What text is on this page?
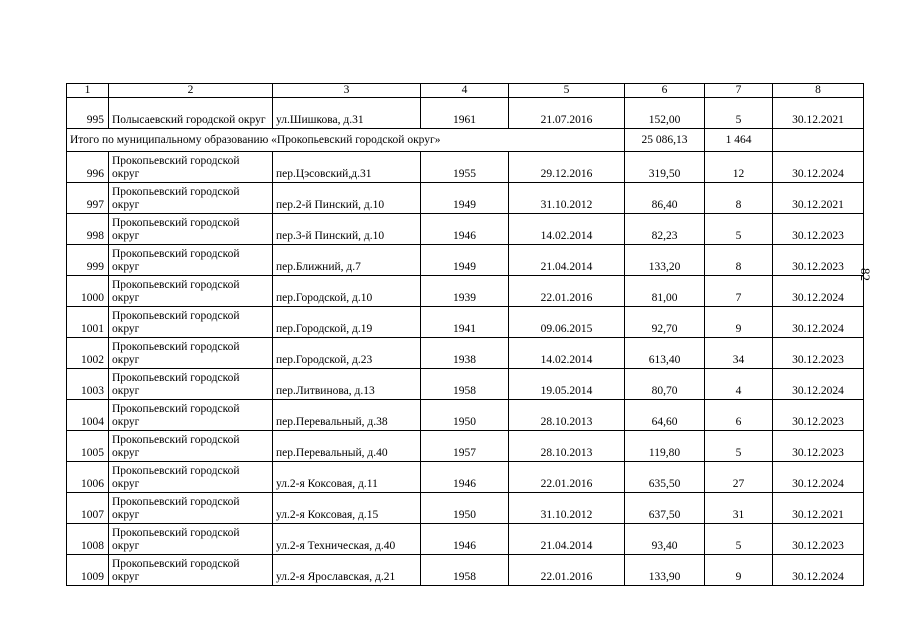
1	2	3	4	5	6	7	8
995	Полысаевский городской округ	ул.Шишкова, д.31	1961	21.07.2016	152,00	5	30.12.2021
Итого по муниципальному образованию «Прокопьевский городской округ»					25 086,13	1 464	
996	Прокопьевский городской округ	пер.Цэсовский,д.31	1955	29.12.2016	319,50	12	30.12.2024
997	Прокопьевский городской округ	пер.2-й Пинский, д.10	1949	31.10.2012	86,40	8	30.12.2021
998	Прокопьевский городской округ	пер.3-й Пинский, д.10	1946	14.02.2014	82,23	5	30.12.2023
999	Прокопьевский городской округ	пер.Ближний, д.7	1949	21.04.2014	133,20	8	30.12.2023
1000	Прокопьевский городской округ	пер.Городской, д.10	1939	22.01.2016	81,00	7	30.12.2024
1001	Прокопьевский городской округ	пер.Городской, д.19	1941	09.06.2015	92,70	9	30.12.2024
1002	Прокопьевский городской округ	пер.Городской, д.23	1938	14.02.2014	613,40	34	30.12.2023
1003	Прокопьевский городской округ	пер.Литвинова, д.13	1958	19.05.2014	80,70	4	30.12.2024
1004	Прокопьевский городской округ	пер.Перевальный, д.38	1950	28.10.2013	64,60	6	30.12.2023
1005	Прокопьевский городской округ	пер.Перевальный, д.40	1957	28.10.2013	119,80	5	30.12.2023
1006	Прокопьевский городской округ	ул.2-я Коксовая, д.11	1946	22.01.2016	635,50	27	30.12.2024
1007	Прокопьевский городской округ	ул.2-я Коксовая, д.15	1950	31.10.2012	637,50	31	30.12.2021
1008	Прокопьевский городской округ	ул.2-я Техническая, д.40	1946	21.04.2014	93,40	5	30.12.2023
1009	Прокопьевский городской округ	ул.2-я Ярославская, д.21	1958	22.01.2016	133,90	9	30.12.2024
82
